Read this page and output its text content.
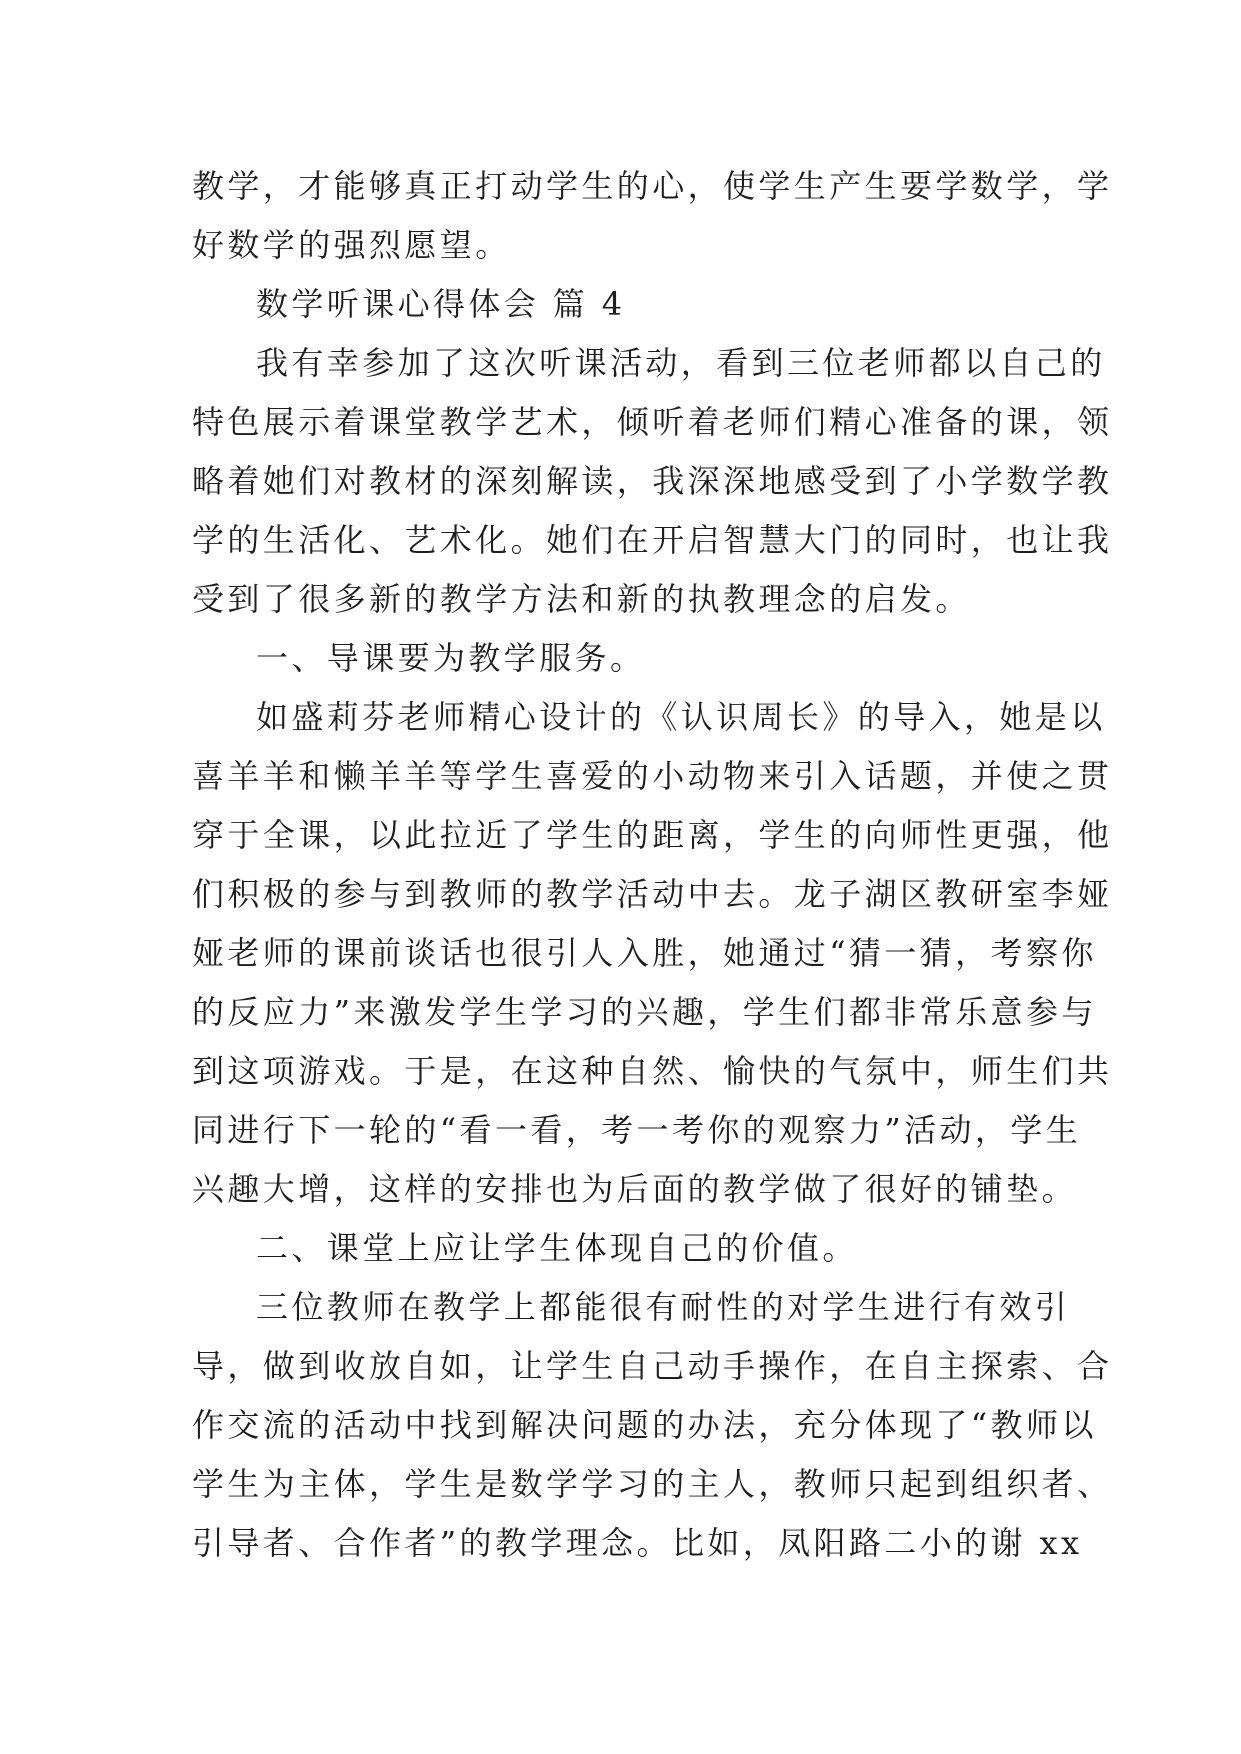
教学，才能够真正打动学生的心，使学生产生要学数学，学
好数学的强烈愿望。
数学听课心得体会 篇 4
我有幸参加了这次听课活动，看到三位老师都以自己的
特色展示着课堂教学艺术，倾听着老师们精心准备的课，领
略着她们对教材的深刻解读，我深深地感受到了小学数学教
学的生活化、艺术化。她们在开启智慧大门的同时，也让我
受到了很多新的教学方法和新的执教理念的启发。
一、导课要为教学服务。
如盛莉芬老师精心设计的《认识周长》的导入，她是以
喜羊羊和懒羊羊等学生喜爱的小动物来引入话题，并使之贯
穿于全课，以此拉近了学生的距离，学生的向师性更强，他
们积极的参与到教师的教学活动中去。龙子湖区教研室李娅
娅老师的课前谈话也很引人入胜，她通过“猜一猜，考察你
的反应力”来激发学生学习的兴趣，学生们都非常乐意参与
到这项游戏。于是，在这种自然、愉快的气氛中，师生们共
同进行下一轮的“看一看，考一考你的观察力”活动，学生
兴趣大增，这样的安排也为后面的教学做了很好的铺垫。
二、课堂上应让学生体现自己的价值。
三位教师在教学上都能很有耐性的对学生进行有效引
导，做到收放自如，让学生自己动手操作，在自主探索、合
作交流的活动中找到解决问题的办法，充分体现了“教师以
学生为主体，学生是数学学习的主人，教师只起到组织者、
引导者、合作者”的教学理念。比如，凤阳路二小的谢 xx
